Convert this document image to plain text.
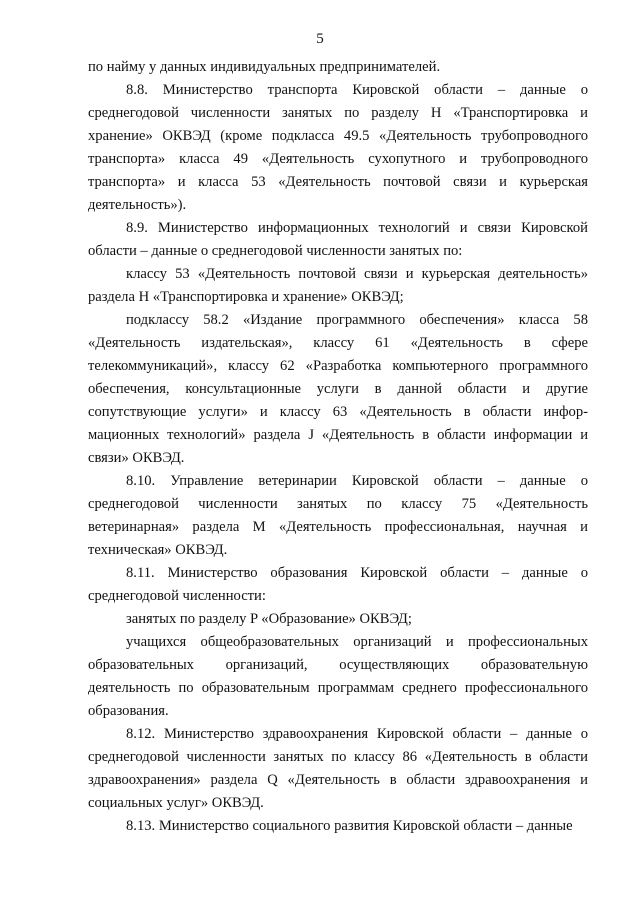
5

по найму у данных индивидуальных предпринимателей.

8.8. Министерство транспорта Кировской области – данные о среднегодовой численности занятых по разделу H «Транспортировка и хранение» ОКВЭД (кроме подкласса 49.5 «Деятельность трубопроводного транспорта» класса 49 «Деятельность сухопутного и трубопроводного транспорта» и класса 53 «Деятельность почтовой связи и курьерская деятельность»).

8.9. Министерство информационных технологий и связи Кировской области – данные о среднегодовой численности занятых по:

классу 53 «Деятельность почтовой связи и курьерская деятельность» раздела H «Транспортировка и хранение» ОКВЭД;

подклассу 58.2 «Издание программного обеспечения» класса 58 «Деятельность издательская», классу 61 «Деятельность в сфере телекоммуникаций», классу 62 «Разработка компьютерного программного обеспечения, консультационные услуги в данной области и другие сопутствующие услуги» и классу 63 «Деятельность в области инфор-мационных технологий» раздела J «Деятельность в области информации и связи» ОКВЭД.

8.10. Управление ветеринарии Кировской области – данные о среднегодовой численности занятых по классу 75 «Деятельность ветеринарная» раздела M «Деятельность профессиональная, научная и техническая» ОКВЭД.

8.11. Министерство образования Кировской области – данные о среднегодовой численности:

занятых по разделу P «Образование» ОКВЭД;

учащихся общеобразовательных организаций и профессиональных образовательных организаций, осуществляющих образовательную деятельность по образовательным программам среднего профессионального образования.

8.12. Министерство здравоохранения Кировской области – данные о среднегодовой численности занятых по классу 86 «Деятельность в области здравоохранения» раздела Q «Деятельность в области здравоохранения и социальных услуг» ОКВЭД.

8.13. Министерство социального развития Кировской области – данные
